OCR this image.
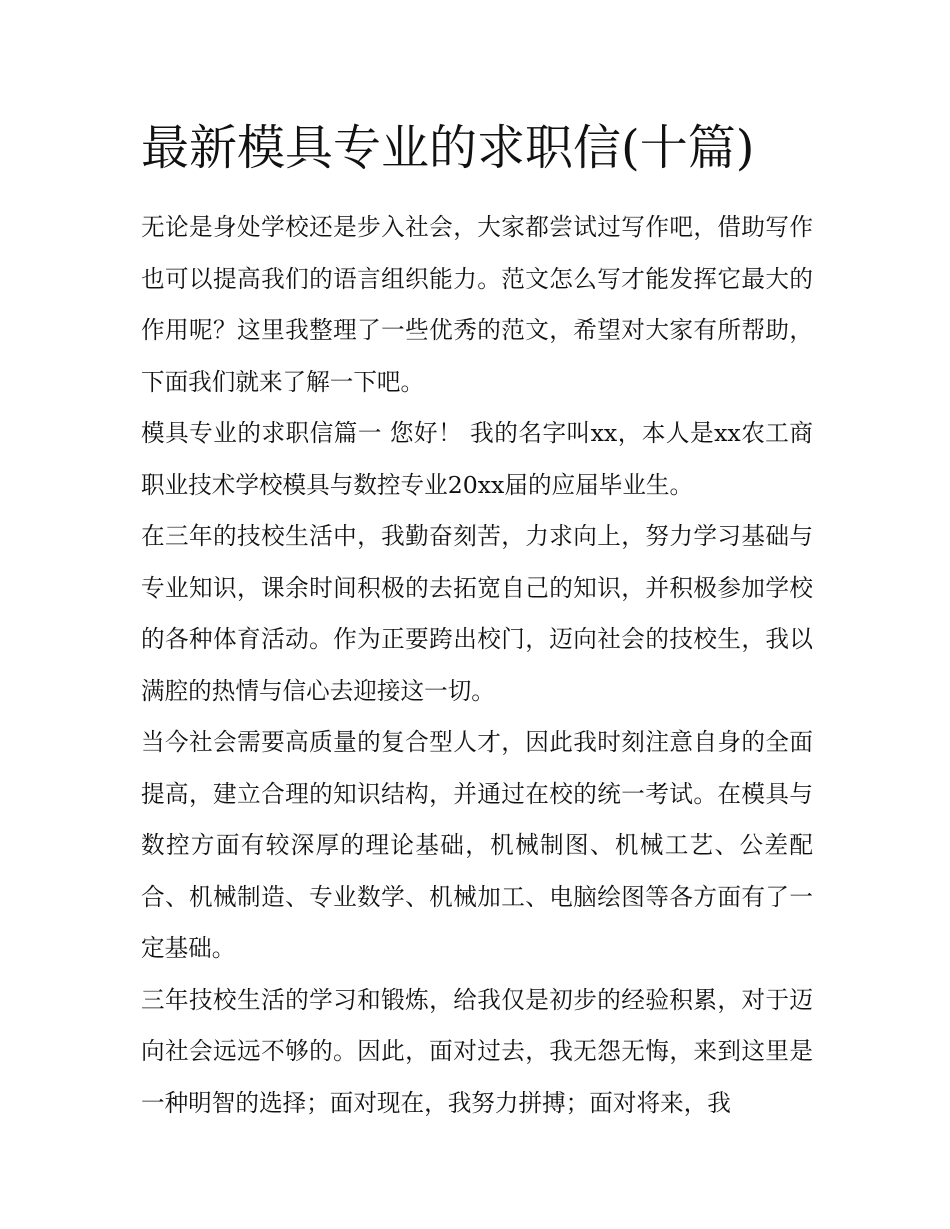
最新模具专业的求职信(十篇)

无论是身处学校还是步入社会，大家都尝试过写作吧，借助写作也可以提高我们的语言组织能力。范文怎么写才能发挥它最大的作用呢？这里我整理了一些优秀的范文，希望对大家有所帮助，下面我们就来了解一下吧。

模具专业的求职信篇一 您好！ 我的名字叫xx，本人是xx农工商职业技术学校模具与数控专业20xx届的应届毕业生。

在三年的技校生活中，我勤奋刻苦，力求向上，努力学习基础与专业知识，课余时间积极的去拓宽自己的知识，并积极参加学校的各种体育活动。作为正要跨出校门，迈向社会的技校生，我以满腔的热情与信心去迎接这一切。

当今社会需要高质量的复合型人才，因此我时刻注意自身的全面提高，建立合理的知识结构，并通过在校的统一考试。在模具与数控方面有较深厚的理论基础，机械制图、机械工艺、公差配合、机械制造、专业数学、机械加工、电脑绘图等各方面有了一定基础。

三年技校生活的学习和锻炼，给我仅是初步的经验积累，对于迈向社会远远不够的。因此，面对过去，我无怨无悔，来到这里是一种明智的选择；面对现在，我努力拼搏；面对将来，我
